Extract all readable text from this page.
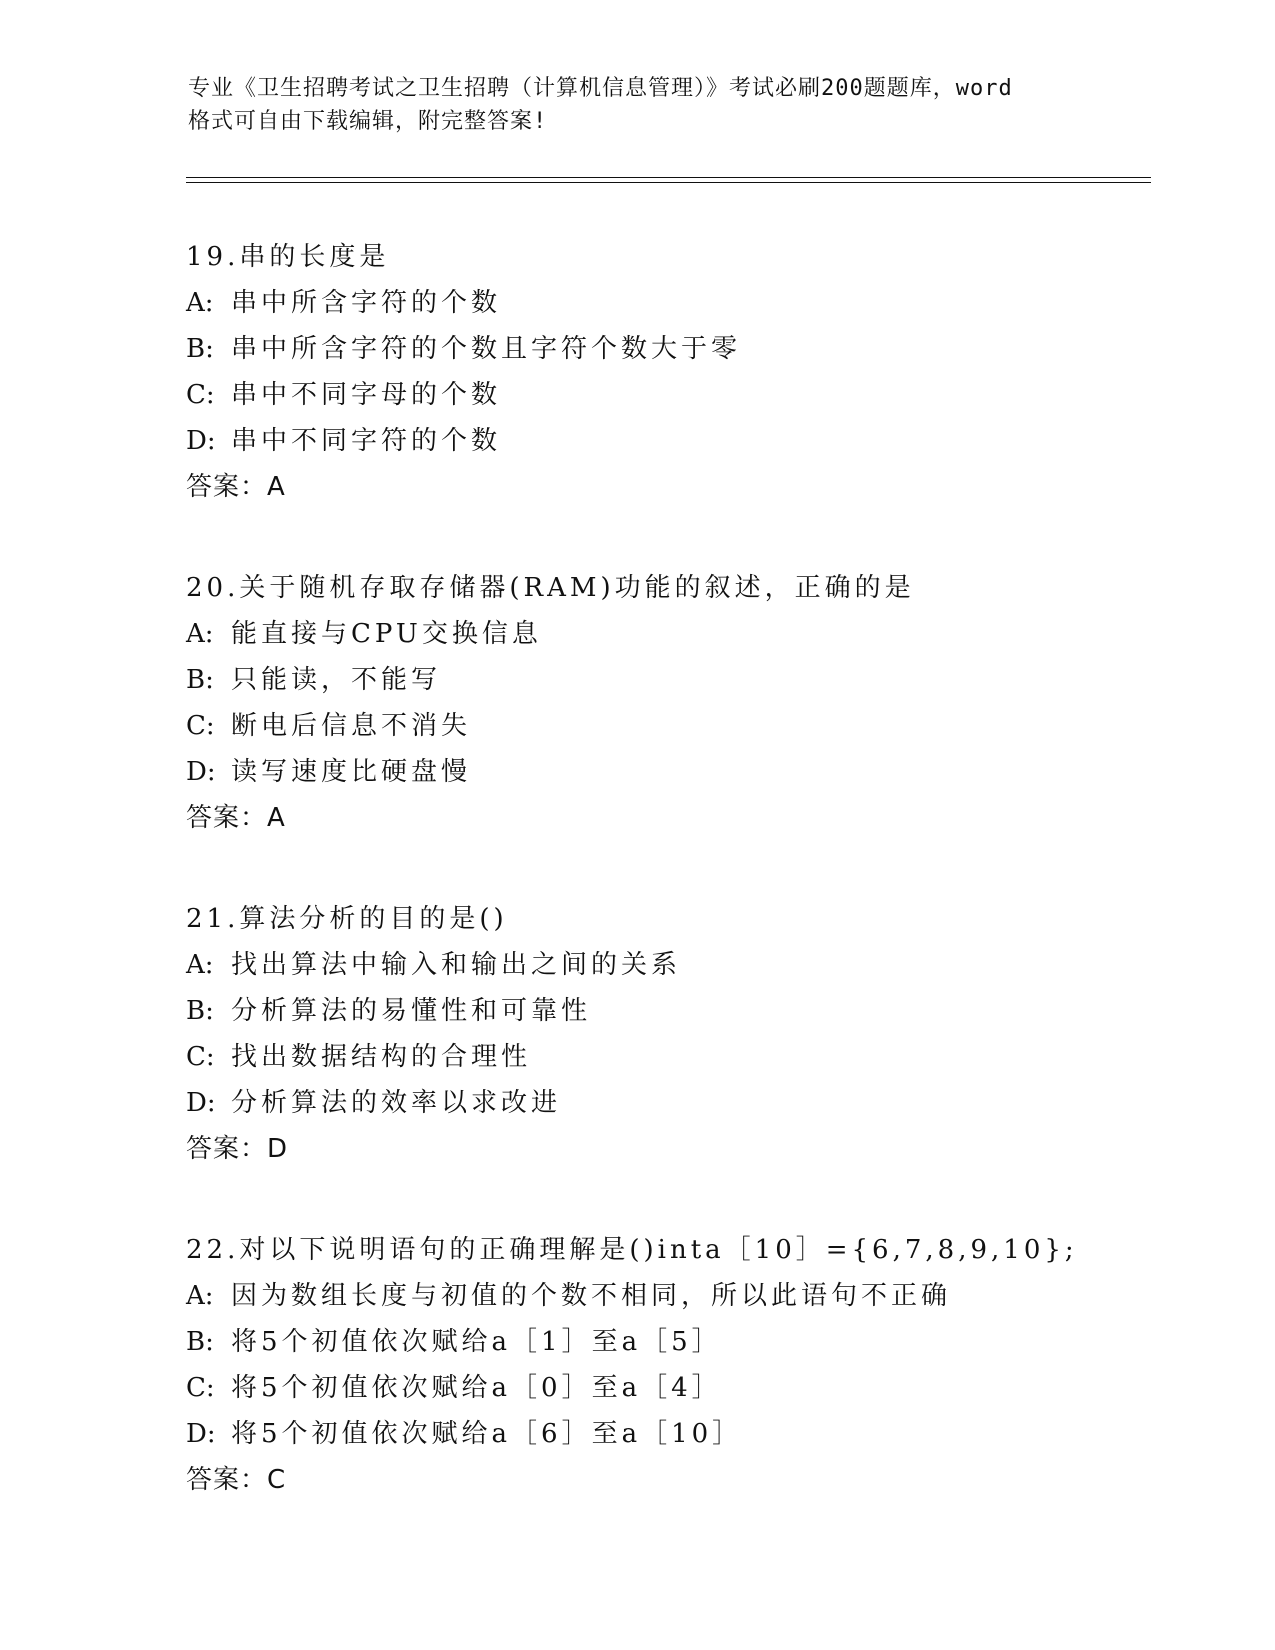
专业《卫生招聘考试之卫生招聘（计算机信息管理）》考试必刷200题题库，word
格式可自由下载编辑，附完整答案!
19.串的长度是
A: 串中所含字符的个数
B: 串中所含字符的个数且字符个数大于零
C: 串中不同字母的个数
D: 串中不同字符的个数
答案：A
20.关于随机存取存储器(RAM)功能的叙述，正确的是
A: 能直接与CPU交换信息
B: 只能读，不能写
C: 断电后信息不消失
D: 读写速度比硬盘慢
答案：A
21.算法分析的目的是()
A: 找出算法中输入和输出之间的关系
B: 分析算法的易懂性和可靠性
C: 找出数据结构的合理性
D: 分析算法的效率以求改进
答案：D
22.对以下说明语句的正确理解是()inta［10］={6,7,8,9,10};
A: 因为数组长度与初值的个数不相同，所以此语句不正确
B: 将5个初值依次赋给a［1］至a［5］
C: 将5个初值依次赋给a［0］至a［4］
D: 将5个初值依次赋给a［6］至a［10］
答案：C
